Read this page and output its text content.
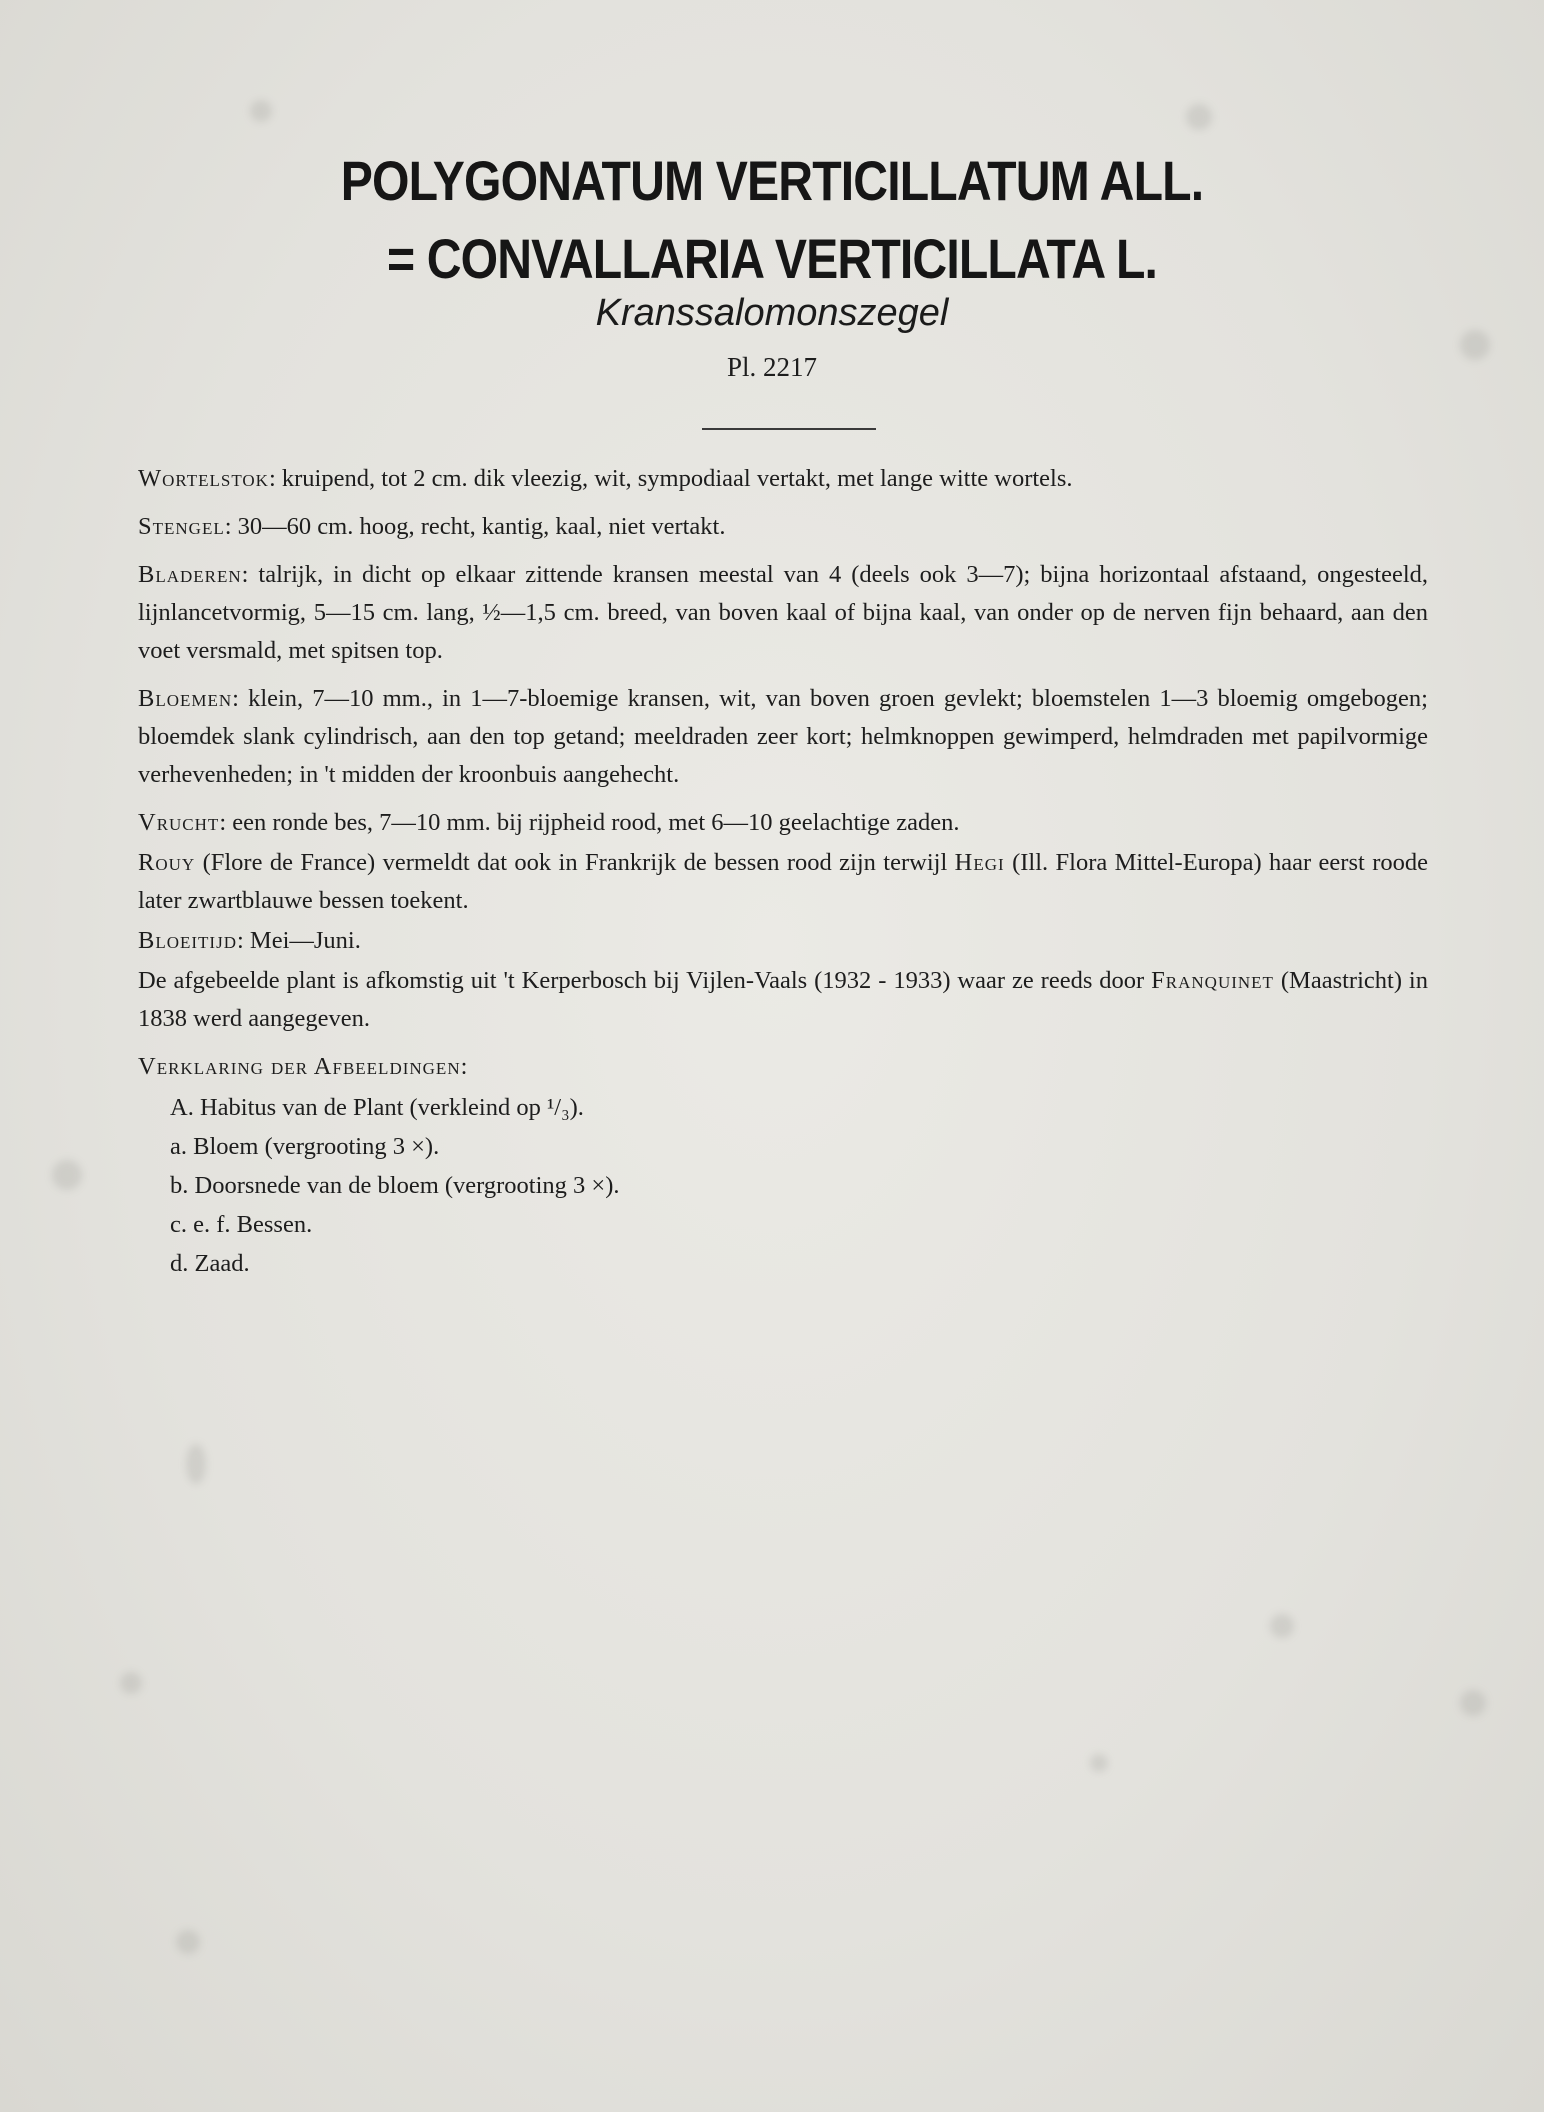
POLYGONATUM VERTICILLATUM ALL.
= CONVALLARIA VERTICILLATA L.
Kranssalomonszegel
Pl. 2217

Wortelstok: kruipend, tot 2 cm. dik vleezig, wit, sympodiaal vertakt, met lange witte wortels.

Stengel: 30—60 cm. hoog, recht, kantig, kaal, niet vertakt.

Bladeren: talrijk, in dicht op elkaar zittende kransen meestal van 4 (deels ook 3—7); bijna horizontaal afstaand, ongesteeld, lijnlancetvormig, 5—15 cm. lang, ½—1,5 cm. breed, van boven kaal of bijna kaal, van onder op de nerven fijn behaard, aan den voet versmald, met spitsen top.

Bloemen: klein, 7—10 mm., in 1—7-bloemige kransen, wit, van boven groen gevlekt; bloemstelen 1—3 bloemig omgebogen; bloemdek slank cylindrisch, aan den top getand; meeldraden zeer kort; helmknoppen gewimperd, helmdraden met papilvormige verhevenheden; in 't midden der kroonbuis aangehecht.

Vrucht: een ronde bes, 7—10 mm. bij rijpheid rood, met 6—10 geelachtige zaden.

Rouy (Flore de France) vermeldt dat ook in Frankrijk de bessen rood zijn terwijl Hegi (Ill. Flora Mittel-Europa) haar eerst roode later zwartblauwe bessen toekent.

Bloeitijd: Mei—Juni.

De afgebeelde plant is afkomstig uit 't Kerperbosch bij Vijlen-Vaals (1932 - 1933) waar ze reeds door Franquinet (Maastricht) in 1838 werd aangegeven.

Verklaring der Afbeeldingen:

A. Habitus van de Plant (verkleind op ¹/₃).
a. Bloem (vergrooting 3 ×).
b. Doorsnede van de bloem (vergrooting 3 ×).
c. e. f. Bessen.
d. Zaad.
